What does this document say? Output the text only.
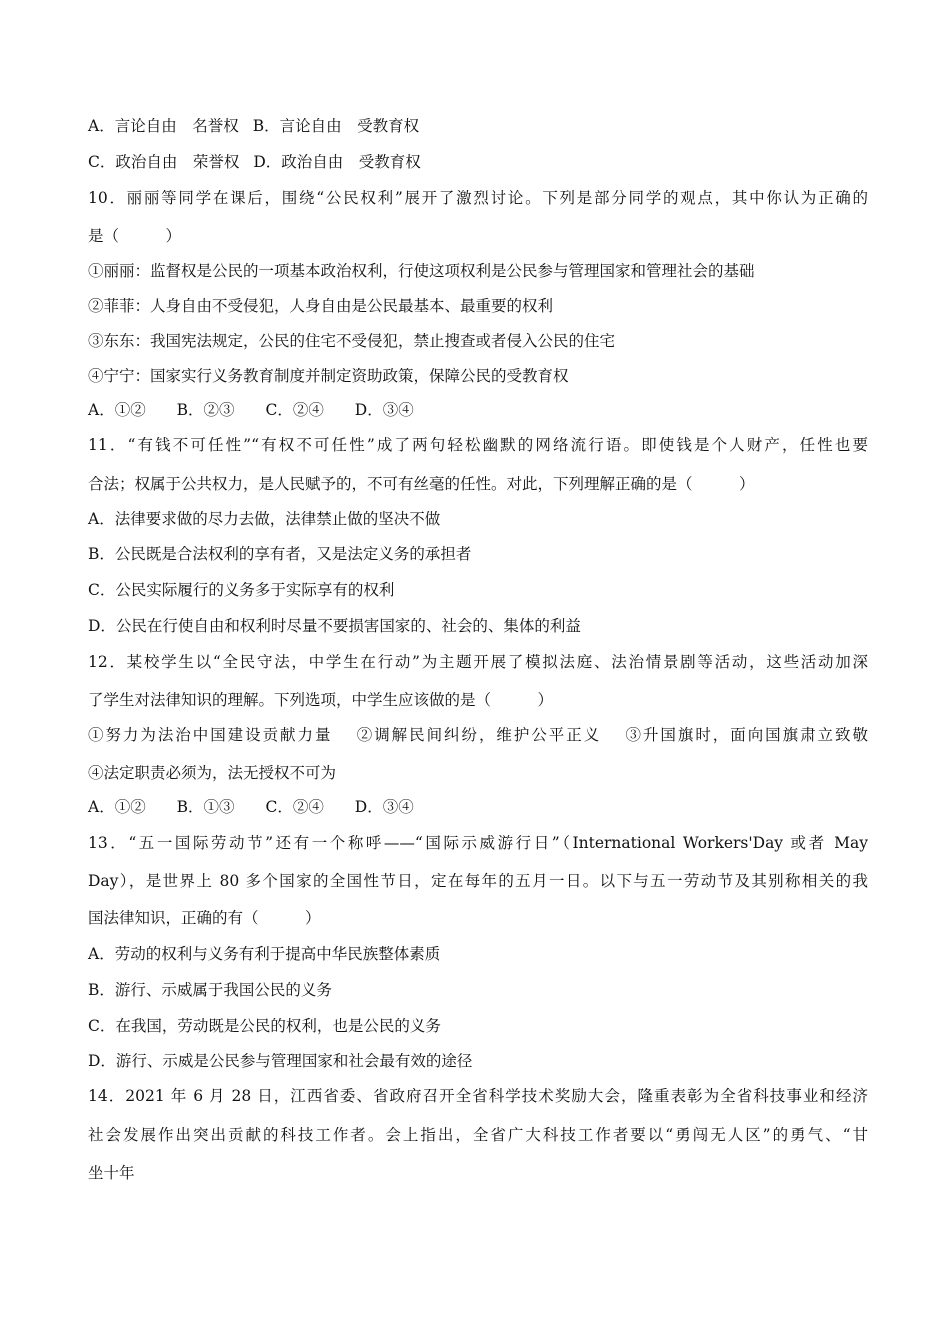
A．言论自由　名誉权 B．言论自由　受教育权
C．政治自由　荣誉权 D．政治自由　受教育权
10．丽丽等同学在课后，围绕“公民权利”展开了激烈讨论。下列是部分同学的观点，其中你认为正确的
是（　　　）
①丽丽：监督权是公民的一项基本政治权利，行使这项权利是公民参与管理国家和管理社会的基础
②菲菲：人身自由不受侵犯，人身自由是公民最基本、最重要的权利
③东东：我国宪法规定，公民的住宅不受侵犯，禁止搜查或者侵入公民的住宅
④宁宁：国家实行义务教育制度并制定资助政策，保障公民的受教育权
A．①② B．②③ C．②④ D．③④
11．“有钱不可任性”“有权不可任性”成了两句轻松幽默的网络流行语。即使钱是个人财产，任性也要
合法；权属于公共权力，是人民赋予的，不可有丝毫的任性。对此，下列理解正确的是（　　　）
A．法律要求做的尽力去做，法律禁止做的坚决不做
B．公民既是合法权利的享有者，又是法定义务的承担者
C．公民实际履行的义务多于实际享有的权利
D．公民在行使自由和权利时尽量不要损害国家的、社会的、集体的利益
12．某校学生以“全民守法，中学生在行动”为主题开展了模拟法庭、法治情景剧等活动，这些活动加深
了学生对法律知识的理解。下列选项，中学生应该做的是（　　　）
①努力为法治中国建设贡献力量　 ②调解民间纠纷，维护公平正义　 ③升国旗时，面向国旗肃立致敬
④法定职责必须为，法无授权不可为
A．①② B．①③ C．②④ D．③④
13．“五一国际劳动节”还有一个称呼——“国际示威游行日”（International Workers'Day 或者 May
Day），是世界上 80 多个国家的全国性节日，定在每年的五月一日。以下与五一劳动节及其别称相关的我
国法律知识，正确的有（　　　）
A．劳动的权利与义务有利于提高中华民族整体素质
B．游行、示威属于我国公民的义务
C．在我国，劳动既是公民的权利，也是公民的义务
D．游行、示威是公民参与管理国家和社会最有效的途径
14．2021 年 6 月 28 日，江西省委、省政府召开全省科学技术奖励大会，隆重表彰为全省科技事业和经济
社会发展作出突出贡献的科技工作者。会上指出，全省广大科技工作者要以“勇闯无人区”的勇气、“甘
坐十年
